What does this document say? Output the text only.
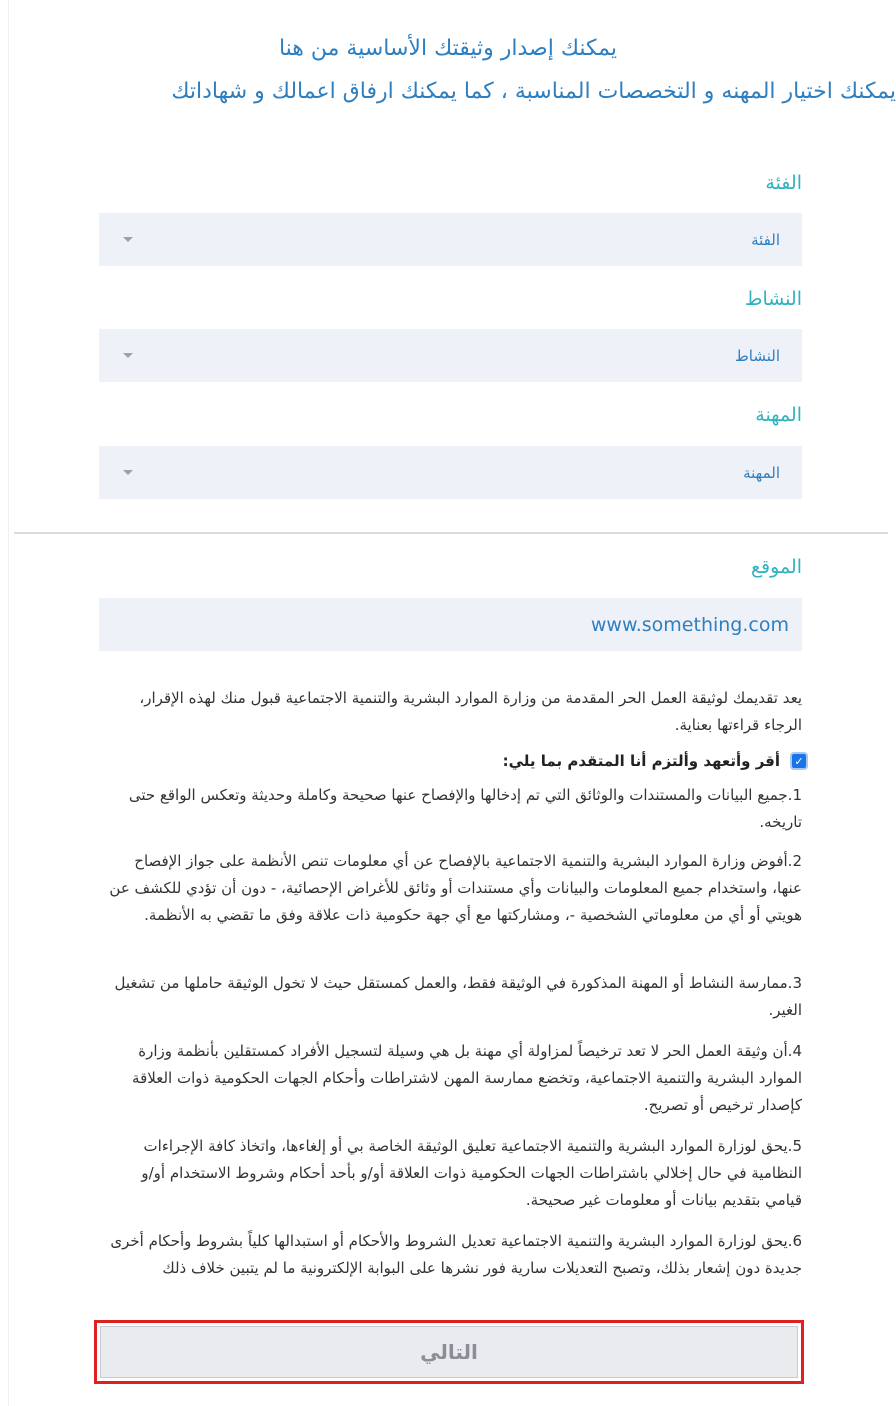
يمكنك إصدار وثيقتك الأساسية من هنا
يمكنك اختيار المهنه و التخصصات المناسبة ، كما يمكنك ارفاق اعمالك و شهاداتك
الفئة
الفئة
النشاط
النشاط
المهنة
المهنة
الموقع
www.something.com
يعد تقديمك لوثيقة العمل الحر المقدمة من وزارة الموارد البشرية والتنمية الاجتماعية قبول منك لهذه الإقرار، الرجاء قراءتها بعناية.
✓
أقر وأتعهد وألتزم أنا المتقدم بما يلي:
1.جميع البيانات والمستندات والوثائق التي تم إدخالها والإفصاح عنها صحيحة وكاملة وحديثة وتعكس الواقع حتى تاريخه.
2.أفوض وزارة الموارد البشرية والتنمية الاجتماعية بالإفصاح عن أي معلومات تنص الأنظمة على جواز الإفصاح عنها، واستخدام جميع المعلومات والبيانات وأي مستندات أو وثائق للأغراض الإحصائية، - دون أن تؤدي للكشف عن هويتي أو أي من معلوماتي الشخصية -، ومشاركتها مع أي جهة حكومية ذات علاقة وفق ما تقضي به الأنظمة.
3.ممارسة النشاط أو المهنة المذكورة في الوثيقة فقط، والعمل كمستقل حيث لا تخول الوثيقة حاملها من تشغيل الغير.
4.أن وثيقة العمل الحر لا تعد ترخيصاً لمزاولة أي مهنة بل هي وسيلة لتسجيل الأفراد كمستقلين بأنظمة وزارة الموارد البشرية والتنمية الاجتماعية، وتخضع ممارسة المهن لاشتراطات وأحكام الجهات الحكومية ذوات العلاقة كإصدار ترخيص أو تصريح.
5.يحق لوزارة الموارد البشرية والتنمية الاجتماعية تعليق الوثيقة الخاصة بي أو إلغاءها، واتخاذ كافة الإجراءات النظامية في حال إخلالي باشتراطات الجهات الحكومية ذوات العلاقة أو/و بأحد أحكام وشروط الاستخدام أو/و قيامي بتقديم بيانات أو معلومات غير صحيحة.
6.يحق لوزارة الموارد البشرية والتنمية الاجتماعية تعديل الشروط والأحكام أو استبدالها كلياً بشروط وأحكام أخرى جديدة دون إشعار بذلك، وتصبح التعديلات سارية فور نشرها على البوابة الإلكترونية ما لم يتبين خلاف ذلك
التالي
